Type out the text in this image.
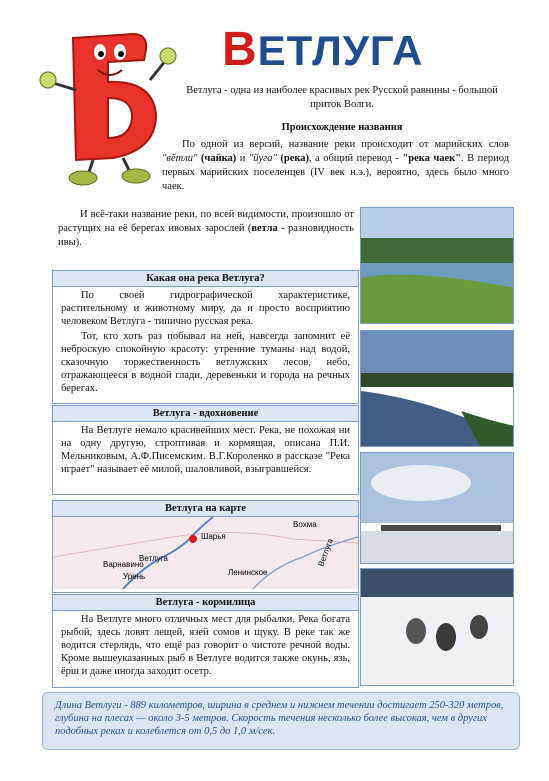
ВЕТЛУГА
Ветлуга - одна из наиболее красивых рек Русской равнины - большой приток Волги.
Происхождение названия
По одной из версий, название реки происходит от марийских слов "вӗтли" (чайка) и "йуга" (река), а общий перевод - "река чаек". В период первых марийских поселенцев (IV век н.э.), вероятно, здесь было много чаек.
И всё-таки название реки, по всей видимости, произошло от растущих на её берегах ивовых зарослей (ветла - разновидность ивы).
Какая она река Ветлуга?

По своей гидрографической характеристике, растительному и животному миру, да и просто восприятию человеком Ветлуга - типично русская река.

Тот, кто хоть раз побывал на ней, навсегда запомнит её неброскую спокойную красоту: утренние туманы над водой, сказочную торжественность ветлужских лесов, небо, отражающееся в водной глади, деревеньки и города на речных берегах.

Ветлуга - вдохновение

На Ветлуге немало красивейших мест. Река, не похожая ни на одну другую, строптивая и кормящая, описана П.И. Мельниковым, А.Ф.Писемским. В.Г.Короленко в рассказе "Река играет" называет её милой, шаловливой, взыгравшейся.

Ветлуга на карте
Шарья
Вохма
Варнавино
Ветлуга
Урень	Ленинское
Ветлуга
Ветлуга - кормилица

На Ветлуге много отличных мест для рыбалки. Река богата рыбой, здесь ловят лещей, язей сомов и щуку. В реке так же водится стерлядь, что ещё раз говорит о чистоте речной воды. Кроме вышеуказанных рыб в Ветлуге водится также окунь, язь, ёрш и даже иногда заходит осетр.

Длина Ветлуги - 889 километров, ширина в среднем и нижнем течении достигает 250-320 метров, глубина на плесах — около 3-5 метров. Скорость течения несколько более высокая, чем в других подобных реках и колеблется от 0,5 до 1,0 м/сек.
